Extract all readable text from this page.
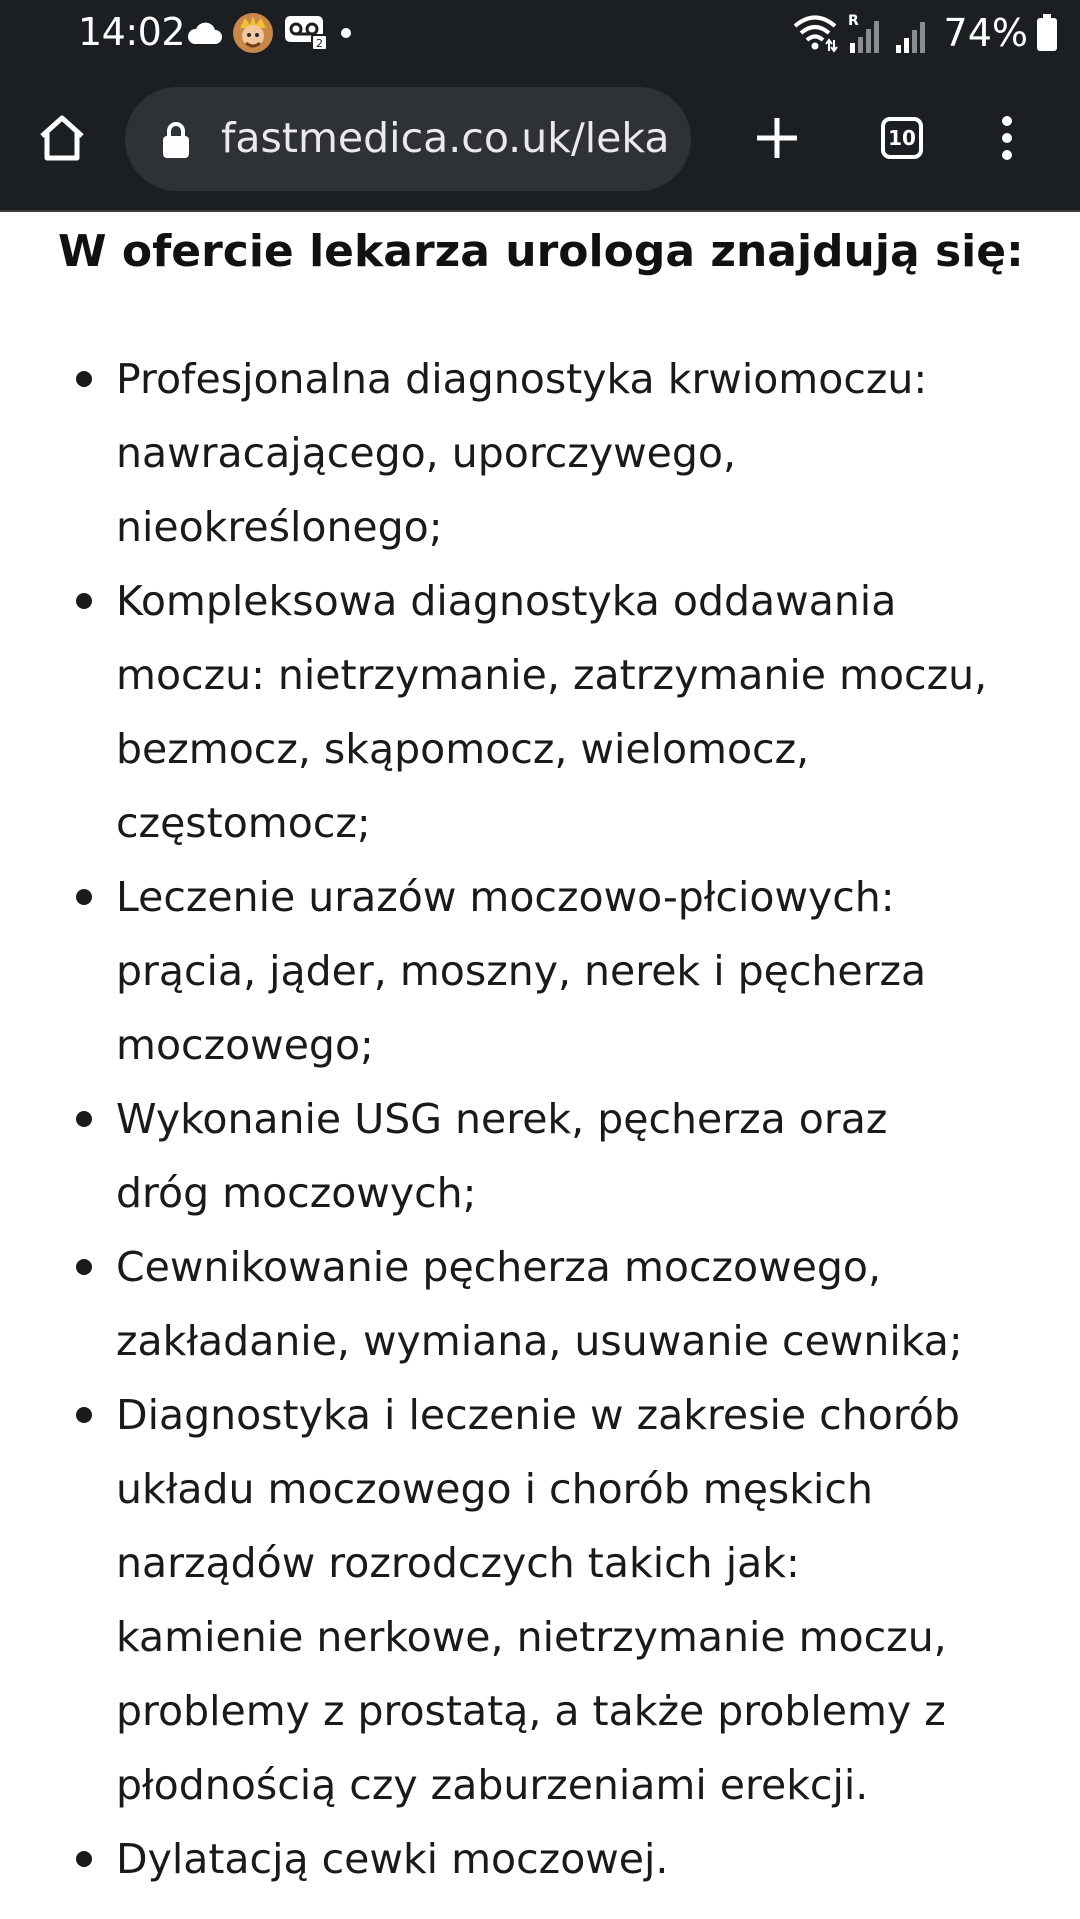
14:02	2
R 74%
fastmedica.co.uk/leka	10
W ofercie lekarza urologa znajdują się:
Profesjonalna diagnostyka krwiomoczu:
nawracającego, uporczywego,
nieokreślonego;
Kompleksowa diagnostyka oddawania
moczu: nietrzymanie, zatrzymanie moczu,
bezmocz, skąpomocz, wielomocz,
częstomocz;
Leczenie urazów moczowo-płciowych:
prącia, jąder, moszny, nerek i pęcherza
moczowego;
Wykonanie USG nerek, pęcherza oraz
dróg moczowych;
Cewnikowanie pęcherza moczowego,
zakładanie, wymiana, usuwanie cewnika;
Diagnostyka i leczenie w zakresie chorób
układu moczowego i chorób męskich
narządów rozrodczych takich jak:
kamienie nerkowe, nietrzymanie moczu,
problemy z prostatą, a także problemy z
płodnością czy zaburzeniami erekcji.
Dylatacją cewki moczowej.
